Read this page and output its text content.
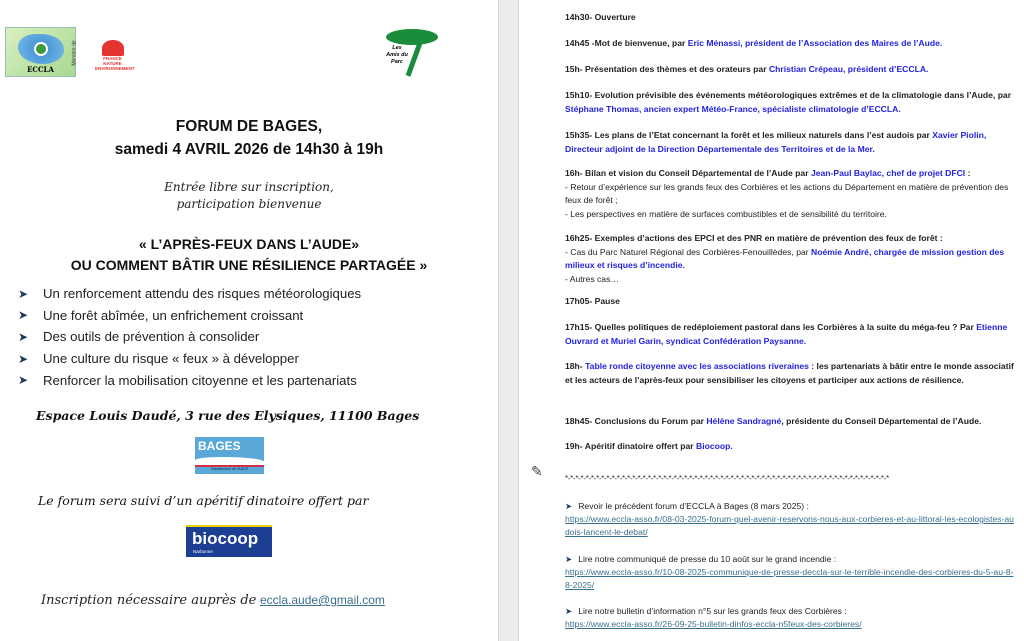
ECCLA
Membre de	FRANCE NATURE ENVIRONNEMENT
Les Amis du Parc
FORUM DE BAGES,
samedi 4 AVRIL 2026 de 14h30 à 19h
Entrée libre sur inscription,
participation bienvenue
« L’APRÈS-FEUX DANS L’AUDE»
OU COMMENT BÂTIR UNE RÉSILIENCE PARTAGÉE »
➤	Un renforcement attendu des risques météorologiques
➤	Une forêt abîmée, un enfrichement croissant
➤	Des outils de prévention à consolider
➤	Une culture du risque « feux » à développer
➤	Renforcer la mobilisation citoyenne et les partenariats
Espace Louis Daudé, 3 rue des Elysiques, 11100 Bages
BAGES
Département de l'AUDE
Le forum sera suivi d’un apéritif dinatoire offert par
biocoop
Narbonne
Inscription nécessaire auprès de eccla.aude@gmail.com
14h30- Ouverture
14h45 -Mot de bienvenue, par Eric Ménassi, président de l’Association des Maires de l’Aude.
15h- Présentation des thèmes et des orateurs par Christian Crépeau, président d’ECCLA.
15h10- Evolution prévisible des événements météorologiques extrêmes et de la climatologie dans l’Aude, par Stéphane Thomas, ancien expert Météo-France, spécialiste climatologie d’ECCLA.
15h35- Les plans de l’Etat concernant la forêt et les milieux naturels dans l’est audois par Xavier Piolin, Directeur adjoint de la Direction Départementale des Territoires et de la Mer.
16h- Bilan et vision du Conseil Départemental de l’Aude par Jean-Paul Baylac, chef de projet DFCI :
- Retour d’expérience sur les grands feux des Corbières et les actions du Département en matière de prévention des feux de forêt ;
- Les perspectives en matière de surfaces combustibles et de sensibilité du territoire.
16h25- Exemples d’actions des EPCI et des PNR en matière de prévention des feux de forêt :
- Cas du Parc Naturel Régional des Corbières-Fenouillèdes, par Noémie André, chargée de mission gestion des milieux et risques d’incendie.
- Autres cas…
17h05- Pause
17h15- Quelles politiques de redéploiement pastoral dans les Corbières à la suite du méga-feu ? Par Etienne Ouvrard et Muriel Garin, syndicat Confédération Paysanne.
18h- Table ronde citoyenne avec les associations riveraines : les partenariats à bâtir entre le monde associatif et les acteurs de l’après-feux pour sensibiliser les citoyens et participer aux actions de résilience.
18h45- Conclusions du Forum par Hélène Sandragné, présidente du Conseil Départemental de l’Aude.
19h- Apéritif dinatoire offert par Biocoop.
✎	*-*-*-*-*-*-*-*-*-*-*-*-*-*-*-*-*-*-*-*-*-*-*-*-*-*-*-*-*-*-*-*-*-*-*-*-*-*-*-*-*-*-*-*-*-*-*-*-*-*-*-*-*-*-*-*-*-*-*-*-*-*-*
➤ Revoir le précédent forum d’ECCLA à Bages (8 mars 2025) :
https://www.eccla-asso.fr/08-03-2025-forum-quel-avenir-reservons-nous-aux-corbieres-et-au-littoral-les-ecologistes-audois-lancent-le-debat/
➤ Lire notre communiqué de presse du 10 août sur le grand incendie :
https://www.eccla-asso.fr/10-08-2025-communique-de-presse-deccla-sur-le-terrible-incendie-des-corbieres-du-5-au-8-8-2025/
➤ Lire notre bulletin d’information n°5 sur les grands feux des Corbières :
https://www.eccla-asso.fr/26-09-25-bulletin-dinfos-eccla-n5feux-des-corbieres/
